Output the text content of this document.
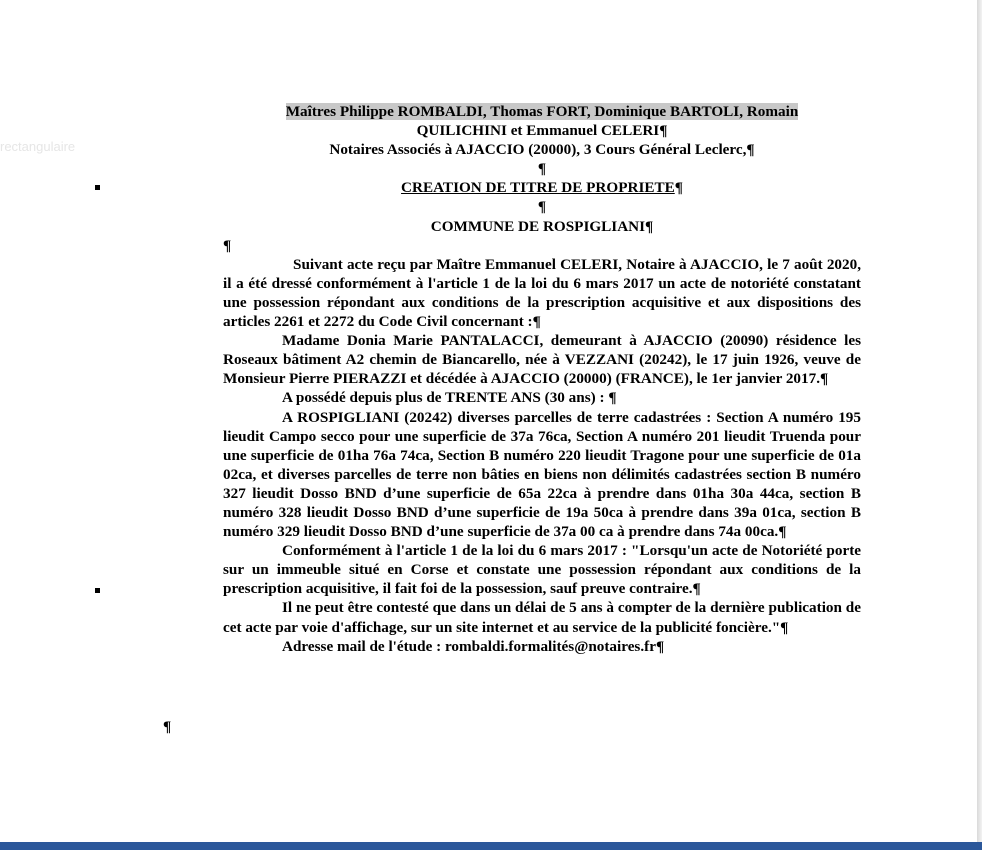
rectangulaire

Maîtres Philippe ROMBALDI, Thomas FORT, Dominique BARTOLI, Romain

QUILICHINI et Emmanuel CELERI¶

Notaires Associés à AJACCIO (20000), 3 Cours Général Leclerc,¶

¶

CREATION DE TITRE DE PROPRIETE¶

¶

COMMUNE DE ROSPIGLIANI¶

¶

Suivant acte reçu par Maître Emmanuel CELERI, Notaire à AJACCIO, le 7 août 2020, il a été dressé conformément à l'article 1 de la loi du 6 mars 2017 un acte de notoriété constatant une possession répondant aux conditions de la prescription acquisitive et aux dispositions des articles 2261 et 2272 du Code Civil concernant :¶

Madame Donia Marie PANTALACCI, demeurant à AJACCIO (20090) résidence les Roseaux bâtiment A2 chemin de Biancarello, née à VEZZANI (20242), le 17 juin 1926, veuve de Monsieur Pierre PIERAZZI et décédée à AJACCIO (20000) (FRANCE), le 1er janvier 2017.¶

A possédé depuis plus de TRENTE ANS (30 ans) : ¶

A ROSPIGLIANI (20242) diverses parcelles de terre cadastrées : Section A numéro 195 lieudit Campo secco pour une superficie de 37a 76ca, Section A numéro 201 lieudit Truenda pour une superficie de 01ha 76a 74ca, Section B numéro 220 lieudit Tragone pour une superficie de 01a 02ca, et diverses parcelles de terre non bâties en biens non délimités cadastrées section B numéro 327 lieudit Dosso BND d’une superficie de 65a 22ca à prendre dans 01ha 30a 44ca, section B numéro 328 lieudit Dosso BND d’une superficie de 19a 50ca à prendre dans 39a 01ca, section B numéro 329 lieudit Dosso BND d’une superficie de 37a 00 ca à prendre dans 74a 00ca.¶

Conformément à l'article 1 de la loi du 6 mars 2017 : "Lorsqu'un acte de Notoriété porte sur un immeuble situé en Corse et constate une possession répondant aux conditions de la prescription acquisitive, il fait foi de la possession, sauf preuve contraire.¶

Il ne peut être contesté que dans un délai de 5 ans à compter de la dernière publication de cet acte par voie d'affichage, sur un site internet et au service de la publicité foncière."¶

Adresse mail de l'étude : rombaldi.formalités@notaires.fr¶

¶
